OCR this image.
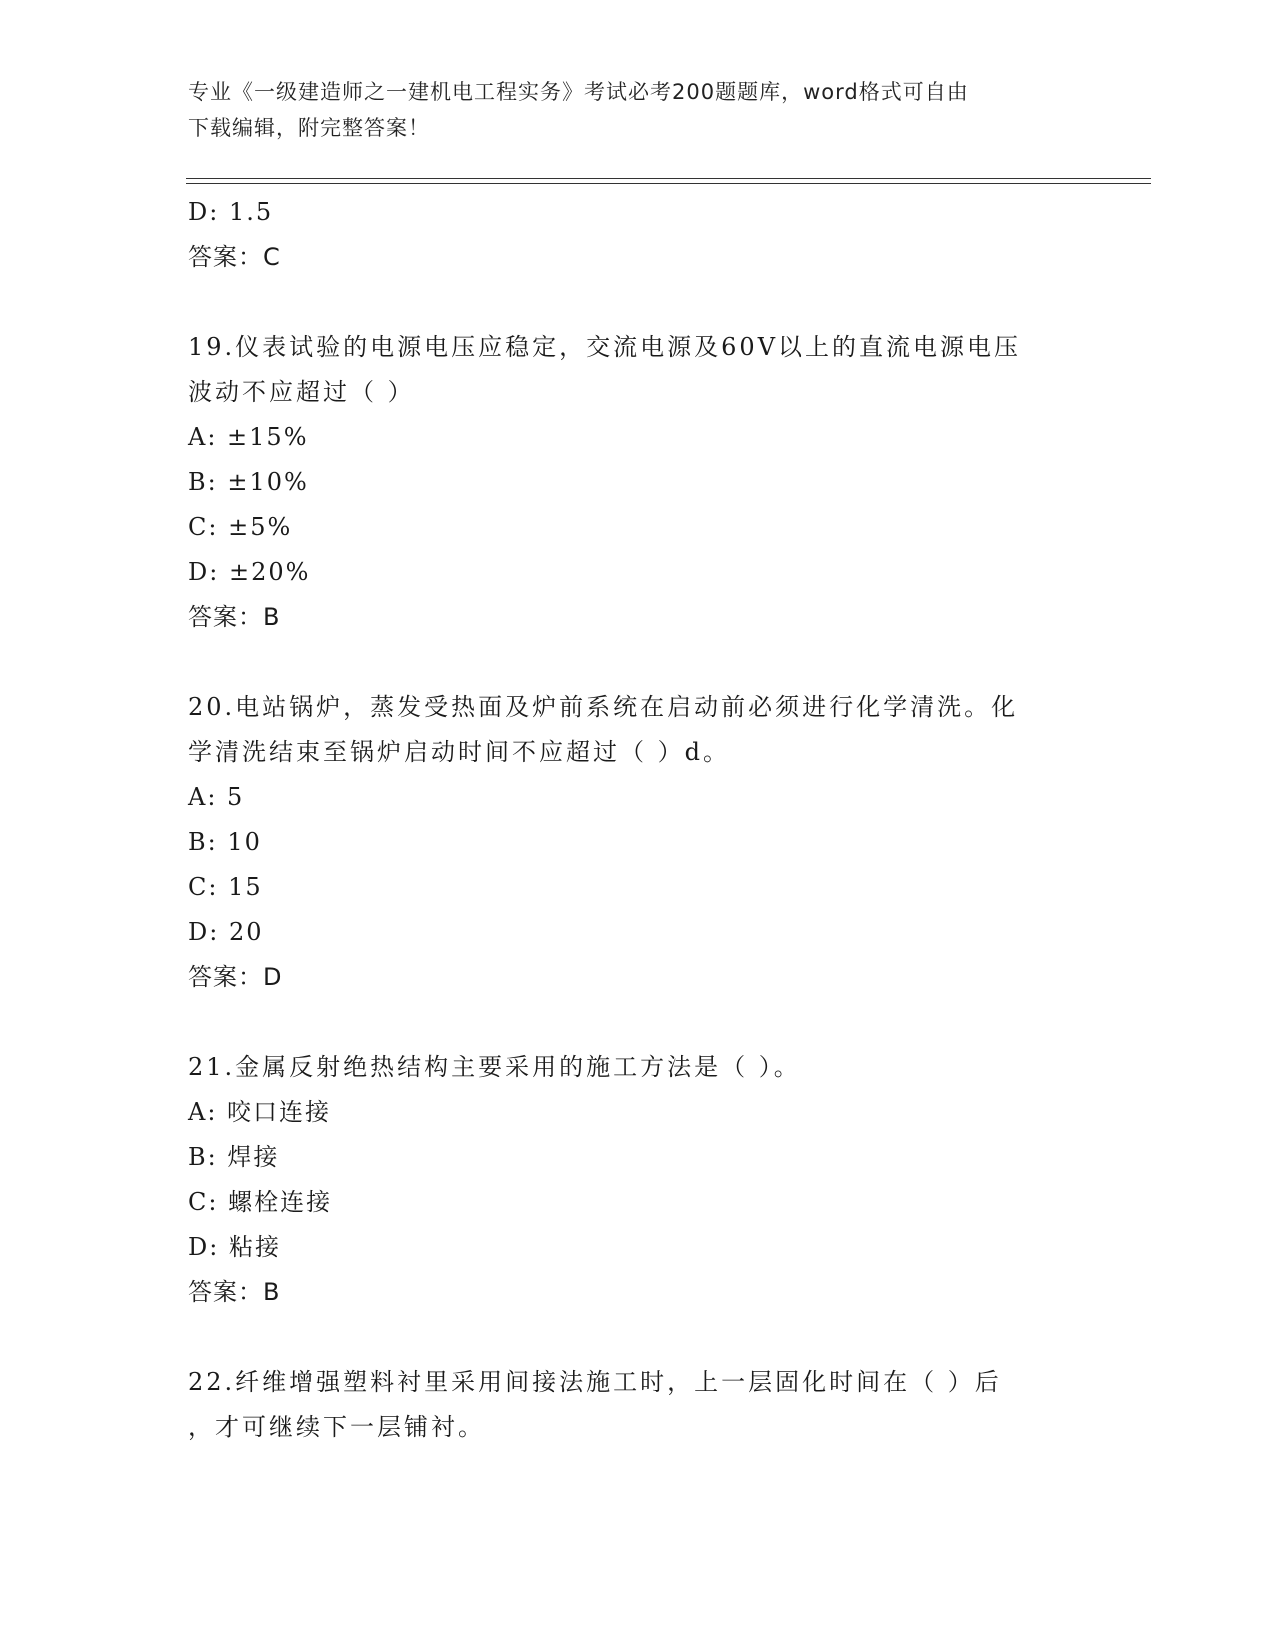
专业《一级建造师之一建机电工程实务》考试必考200题题库，word格式可自由
下载编辑，附完整答案！
D: 1.5
答案：C
19.仪表试验的电源电压应稳定，交流电源及60V以上的直流电源电压
波动不应超过（ ）
A: ±15%
B: ±10%
C: ±5%
D: ±20%
答案：B
20.电站锅炉，蒸发受热面及炉前系统在启动前必须进行化学清洗。化
学清洗结束至锅炉启动时间不应超过（ ）d。
A: 5
B: 10
C: 15
D: 20
答案：D
21.金属反射绝热结构主要采用的施工方法是（ ）。
A: 咬口连接
B: 焊接
C: 螺栓连接
D: 粘接
答案：B
22.纤维增强塑料衬里采用间接法施工时，上一层固化时间在（ ）后
，才可继续下一层铺衬。
